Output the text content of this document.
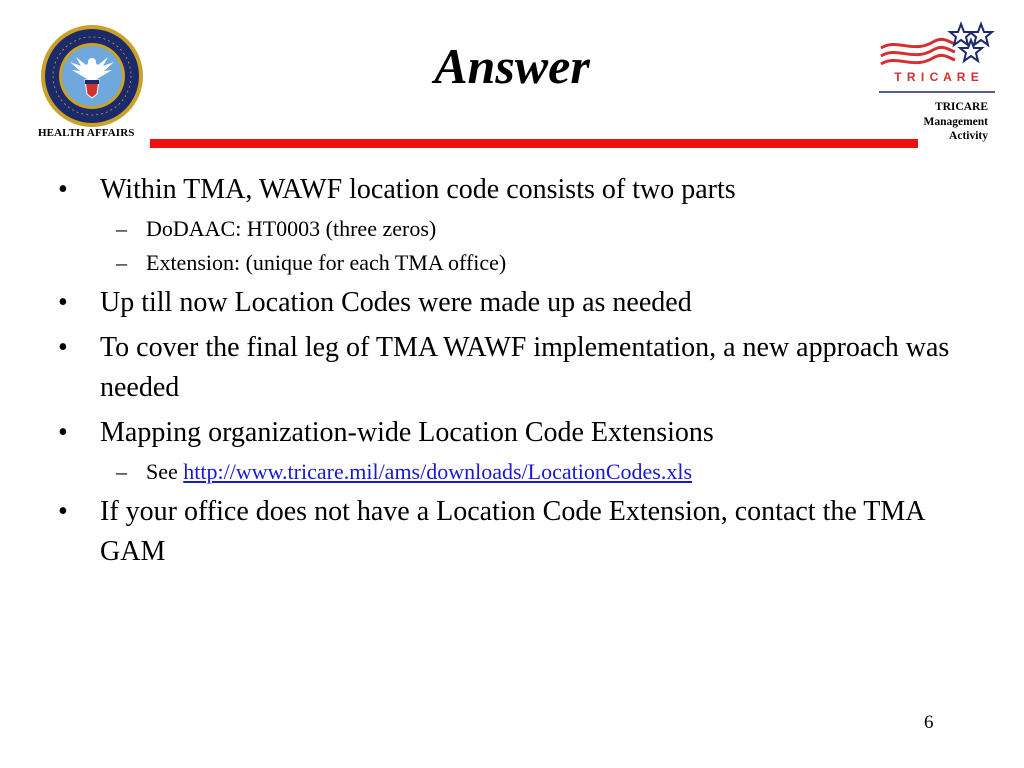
HEALTH AFFAIRS
Answer	T R I C A R E
TRICARE
Management
Activity
• Within TMA, WAWF location code consists of two parts
– DoDAAC: HT0003 (three zeros)
– Extension: (unique for each TMA office)
• Up till now Location Codes were made up as needed
• To cover the final leg of TMA WAWF implementation, a new approach was needed
• Mapping organization-wide Location Code Extensions
– See http://www.tricare.mil/ams/downloads/LocationCodes.xls
• If your office does not have a Location Code Extension, contact the TMA GAM
6
